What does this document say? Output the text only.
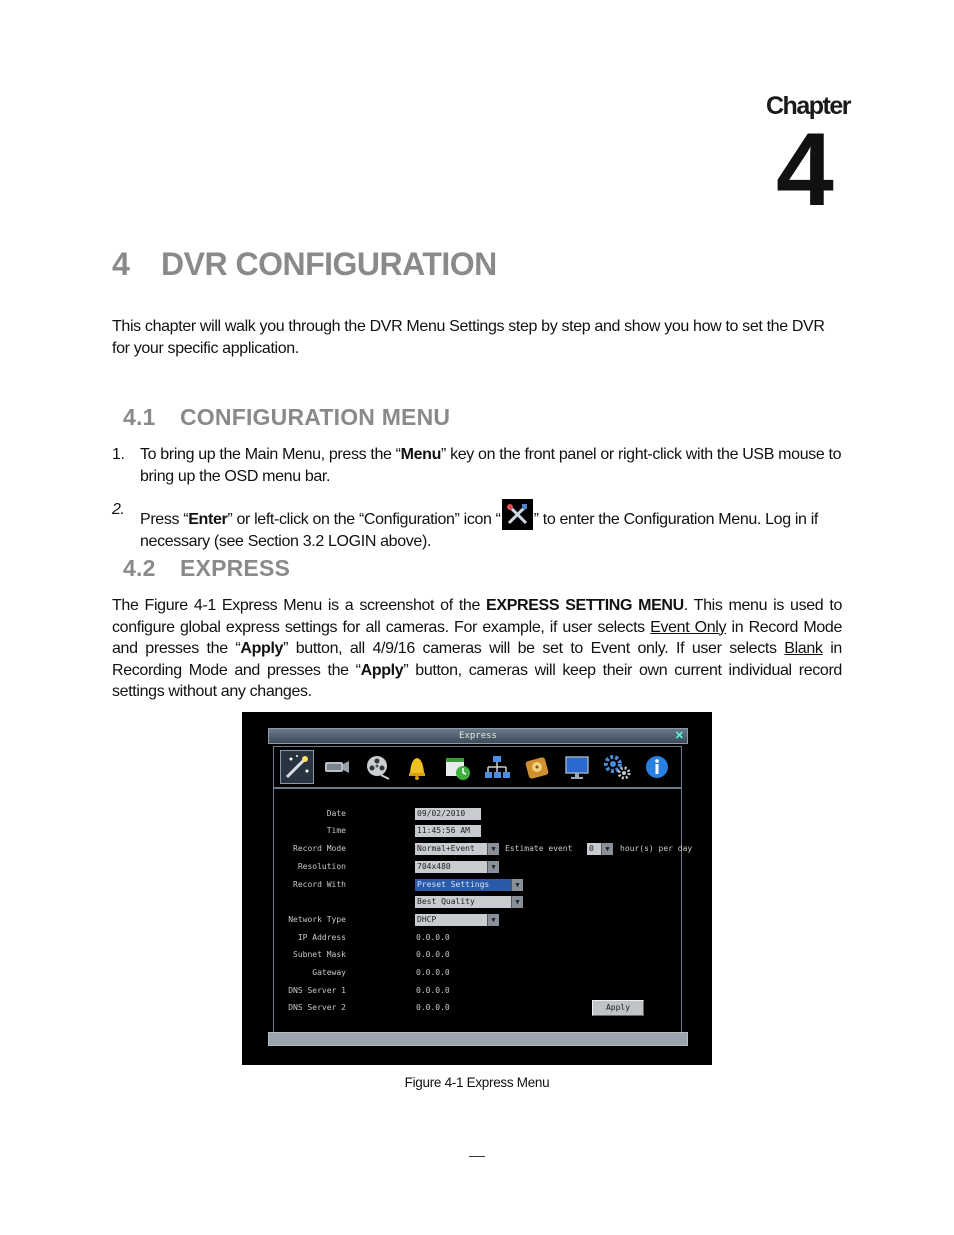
Chapter
4
4 DVR CONFIGURATION
This chapter will walk you through the DVR Menu Settings step by step and show you how to set the DVR for your specific application.
4.1 CONFIGURATION MENU
1. To bring up the Main Menu, press the “Menu” key on the front panel or right-click with the USB mouse to bring up the OSD menu bar.
2.
Press “Enter” or left-click on the “Configuration” icon “ ” to enter the Configuration Menu. Log in if necessary (see Section 3.2 LOGIN above).
4.2 EXPRESS
The Figure 4-1 Express Menu is a screenshot of the EXPRESS SETTING MENU. This menu is used to configure global express settings for all cameras. For example, if user selects Event Only in Record Mode and presses the “Apply” button, all 4/9/16 cameras will be set to Event only. If user selects Blank in Recording Mode and presses the “Apply” button, cameras will keep their own current individual record settings without any changes.
Express	✕
Date	09/02/2010
Time	11:45:56 AM
Record Mode	Normal+Event	▼	Estimate event 0	▼	hour(s) per day
Resolution	704x480	▼
Record With	Preset Settings	▼
Best Quality	▼
Network Type	DHCP	▼
IP Address	0.0.0.0
Subnet Mask	0.0.0.0
Gateway	0.0.0.0
DNS Server 1	0.0.0.0
DNS Server 2	0.0.0.0	Apply
Figure 4-1 Express Menu
